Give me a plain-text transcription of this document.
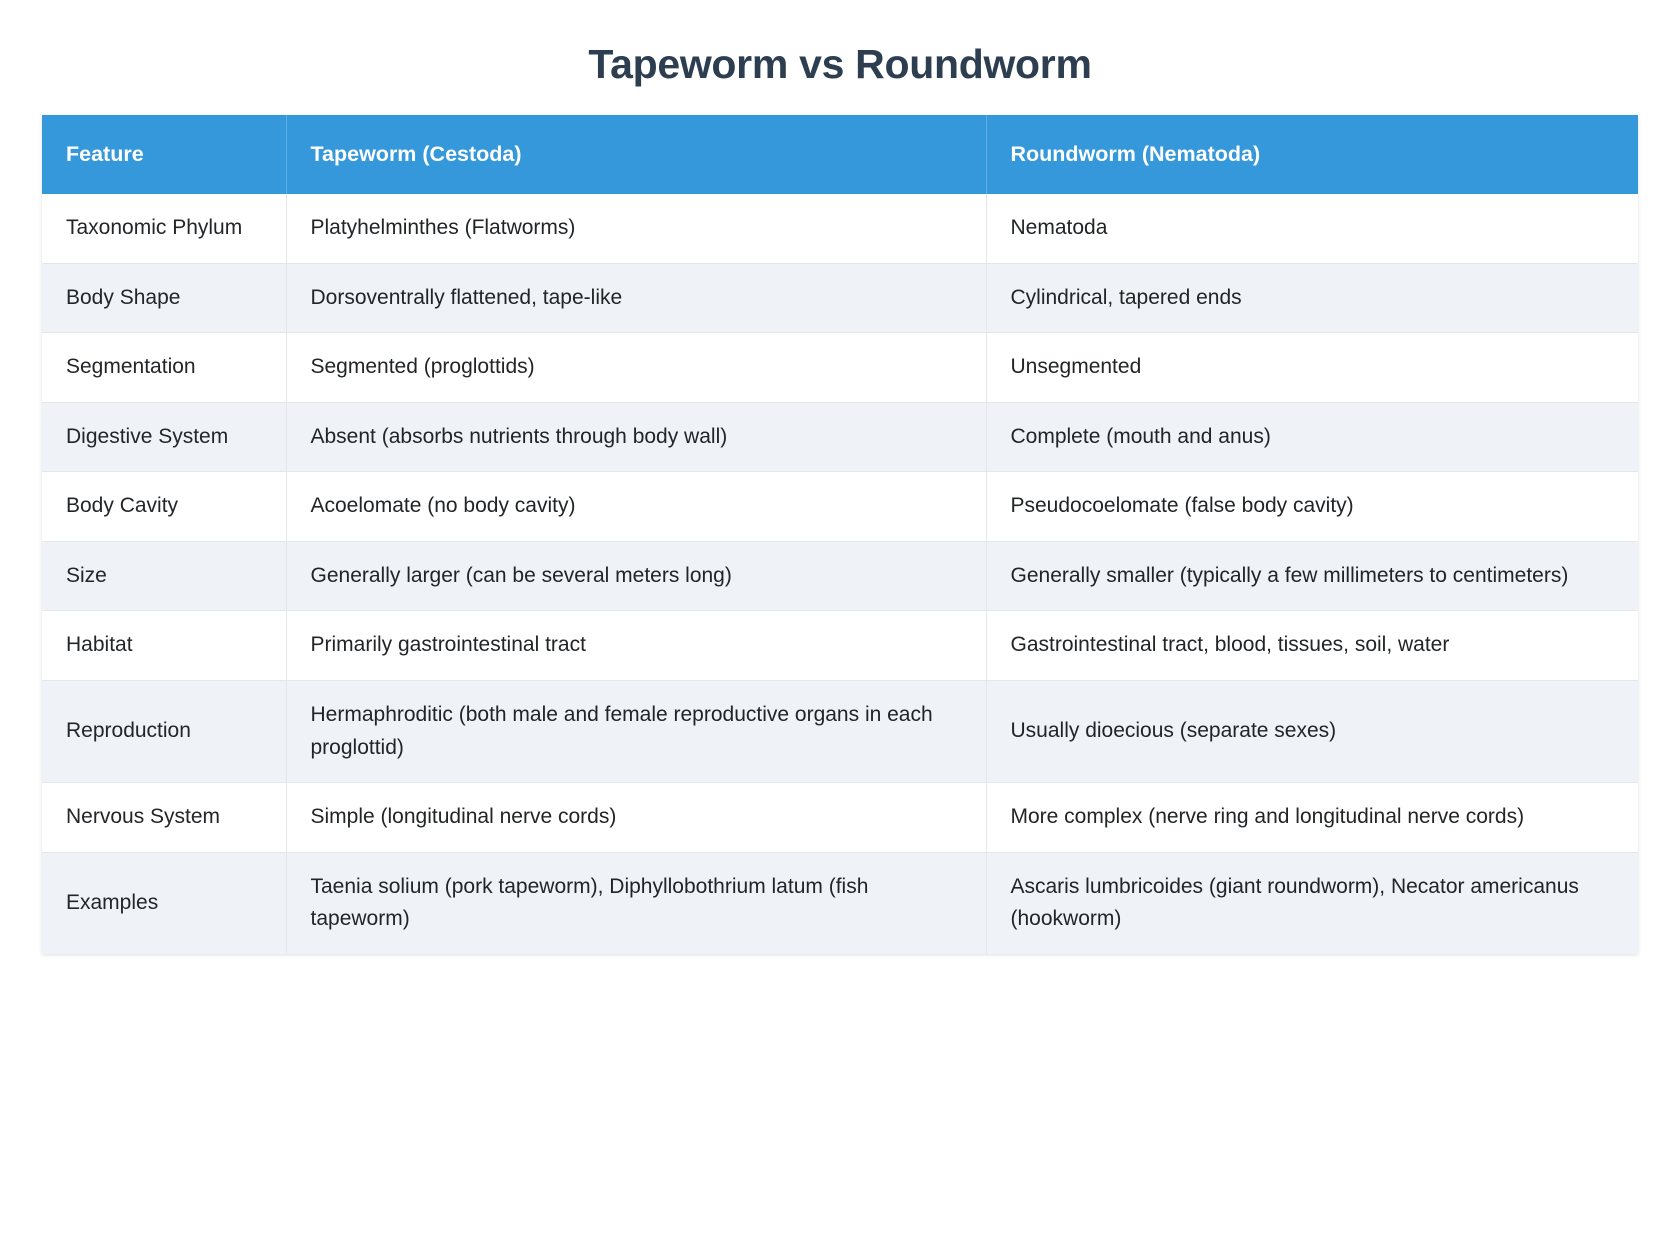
Tapeworm vs Roundworm
Feature	Tapeworm (Cestoda)	Roundworm (Nematoda)
Taxonomic Phylum	Platyhelminthes (Flatworms)	Nematoda
Body Shape	Dorsoventrally flattened, tape-like	Cylindrical, tapered ends
Segmentation	Segmented (proglottids)	Unsegmented
Digestive System	Absent (absorbs nutrients through body wall)	Complete (mouth and anus)
Body Cavity	Acoelomate (no body cavity)	Pseudocoelomate (false body cavity)
Size	Generally larger (can be several meters long)	Generally smaller (typically a few millimeters to centimeters)
Habitat	Primarily gastrointestinal tract	Gastrointestinal tract, blood, tissues, soil, water
Reproduction	Hermaphroditic (both male and female reproductive organs in each proglottid)	Usually dioecious (separate sexes)
Nervous System	Simple (longitudinal nerve cords)	More complex (nerve ring and longitudinal nerve cords)
Examples	Taenia solium (pork tapeworm), Diphyllobothrium latum (fish tapeworm)	Ascaris lumbricoides (giant roundworm), Necator americanus (hookworm)
